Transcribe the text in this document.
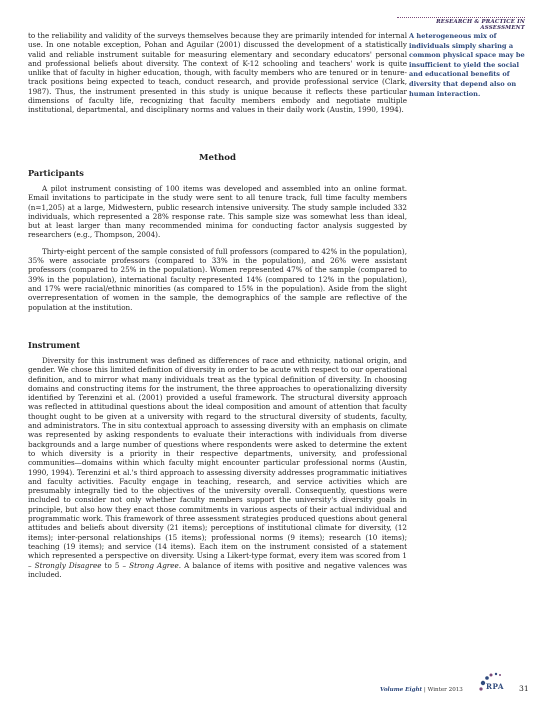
RESEARCH & PRACTICE IN ASSESSMENT
A heterogeneous mix of individuals simply sharing a common physical space may be insufficient to yield the social and educational benefits of diversity that depend also on human interaction.

to the reliability and validity of the surveys themselves because they are primarily intended for internal use. In one notable exception, Pohan and Aguilar (2001) discussed the development of a statistically valid and reliable instrument suitable for measuring elementary and secondary educators' personal and professional beliefs about diversity. The context of K-12 schooling and teachers' work is quite unlike that of faculty in higher education, though, with faculty members who are tenured or in tenure-track positions being expected to teach, conduct research, and provide professional service (Clark, 1987). Thus, the instrument presented in this study is unique because it reflects these particular dimensions of faculty life, recognizing that faculty members embody and negotiate multiple institutional, departmental, and disciplinary norms and values in their daily work (Austin, 1990, 1994).

Method
Participants

A pilot instrument consisting of 100 items was developed and assembled into an online format. Email invitations to participate in the study were sent to all tenure track, full time faculty members (n=1,205) at a large, Midwestern, public research intensive university. The study sample included 332 individuals, which represented a 28% response rate. This sample size was somewhat less than ideal, but at least larger than many recommended minima for conducting factor analysis suggested by researchers (e.g., Thompson, 2004).

Thirty-eight percent of the sample consisted of full professors (compared to 42% in the population), 35% were associate professors (compared to 33% in the population), and 26% were assistant professors (compared to 25% in the population). Women represented 47% of the sample (compared to 39% in the population), international faculty represented 14% (compared to 12% in the population), and 17% were racial/ethnic minorities (as compared to 15% in the population). Aside from the slight overrepresentation of women in the sample, the demographics of the sample are reflective of the population at the institution.

Instrument

Diversity for this instrument was defined as differences of race and ethnicity, national origin, and gender. We chose this limited definition of diversity in order to be acute with respect to our operational definition, and to mirror what many individuals treat as the typical definition of diversity. In choosing domains and constructing items for the instrument, the three approaches to operationalizing diversity identified by Terenzini et al. (2001) provided a useful framework. The structural diversity approach was reflected in attitudinal questions about the ideal composition and amount of attention that faculty thought ought to be given at a university with regard to the structural diversity of students, faculty, and administrators. The in situ contextual approach to assessing diversity with an emphasis on climate was represented by asking respondents to evaluate their interactions with individuals from diverse backgrounds and a large number of questions where respondents were asked to determine the extent to which diversity is a priority in their respective departments, university, and professional communities—domains within which faculty might encounter particular professional norms (Austin, 1990, 1994). Terenzini et al.'s third approach to assessing diversity addresses programmatic initiatives and faculty activities. Faculty engage in teaching, research, and service activities which are presumably integrally tied to the objectives of the university overall. Consequently, questions were included to consider not only whether faculty members support the university's diversity goals in principle, but also how they enact those commitments in various aspects of their actual individual and programmatic work. This framework of three assessment strategies produced questions about general attitudes and beliefs about diversity (21 items); perceptions of institutional climate for diversity, (12 items); inter-personal relationships (15 items); professional norms (9 items); research (10 items); teaching (19 items); and service (14 items). Each item on the instrument consisted of a statement which represented a perspective on diversity. Using a Likert-type format, every item was scored from 1 – Strongly Disagree to 5 – Strong Agree. A balance of items with positive and negative valences was included.

Volume Eight | Winter 2013	RPA 31
